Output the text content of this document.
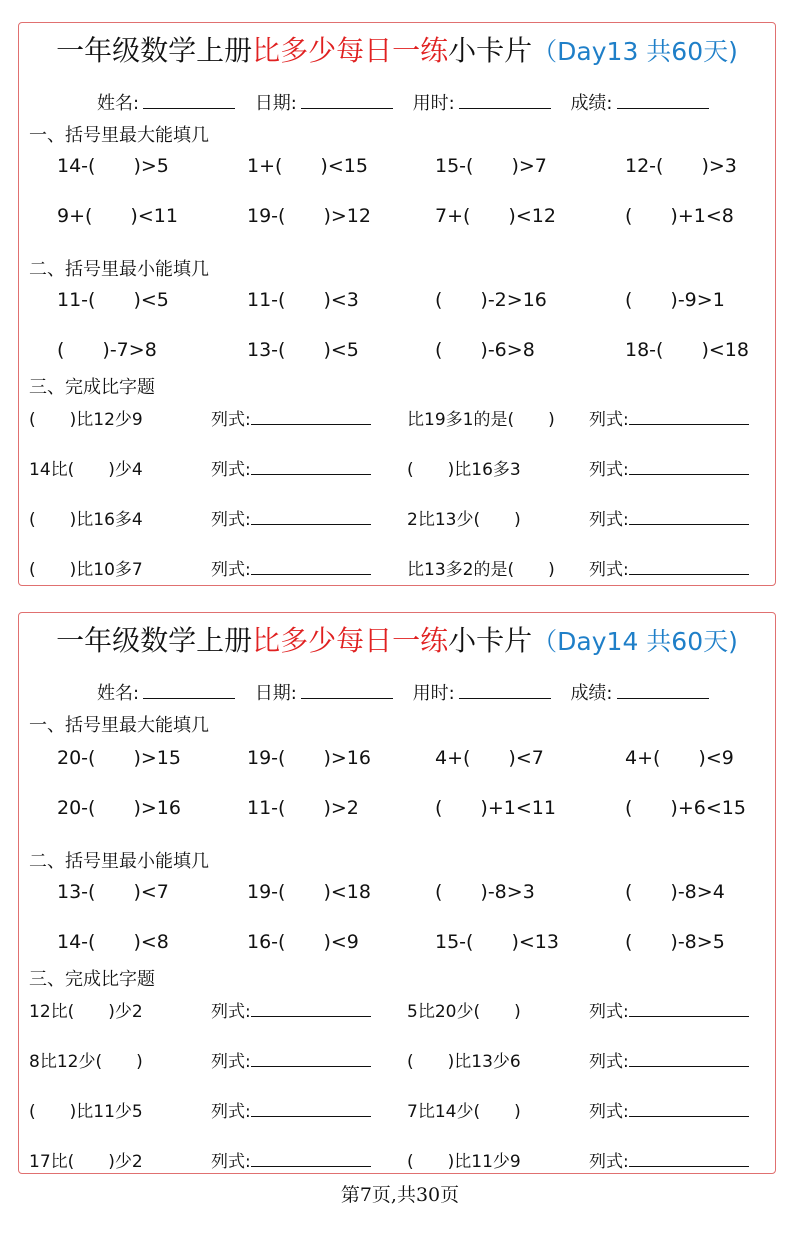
一年级数学上册比多少每日一练小卡片（Day13 共60天)
姓名:	日期:	用时:	成绩:
一、括号里最大能填几
14-(　　)>5	1+(　　)<15	15-(　　)>7	12-(　　)>3
9+(　　)<11	19-(　　)>12	7+(　　)<12	(　　)+1<8
二、括号里最小能填几
11-(　　)<5	11-(　　)<3	(　　)-2>16	(　　)-9>1
(　　)-7>8	13-(　　)<5	(　　)-6>8	18-(　　)<18
三、完成比字题
(　　)比12少9	列式:	比19多1的是(　　) 列式:
14比(　　)少4	列式:	(　　)比16多3	列式:
(　　)比16多4	列式:	2比13少(　　)	列式:
(　　)比10多7	列式:	比13多2的是(　　) 列式:
一年级数学上册比多少每日一练小卡片（Day14 共60天)
姓名:	日期:	用时:	成绩:
一、括号里最大能填几
20-(　　)>15	19-(　　)>16	4+(　　)<7	4+(　　)<9
20-(　　)>16	11-(　　)>2	(　　)+1<11	(　　)+6<15
二、括号里最小能填几
13-(　　)<7	19-(　　)<18	(　　)-8>3	(　　)-8>4
14-(　　)<8	16-(　　)<9	15-(　　)<13	(　　)-8>5
三、完成比字题
12比(　　)少2	列式:	5比20少(　　)	列式:
8比12少(　　)	列式:	(　　)比13少6	列式:
(　　)比11少5	列式:	7比14少(　　)	列式:
17比(　　)少2	列式:	(　　)比11少9	列式:
第7页,共30页
